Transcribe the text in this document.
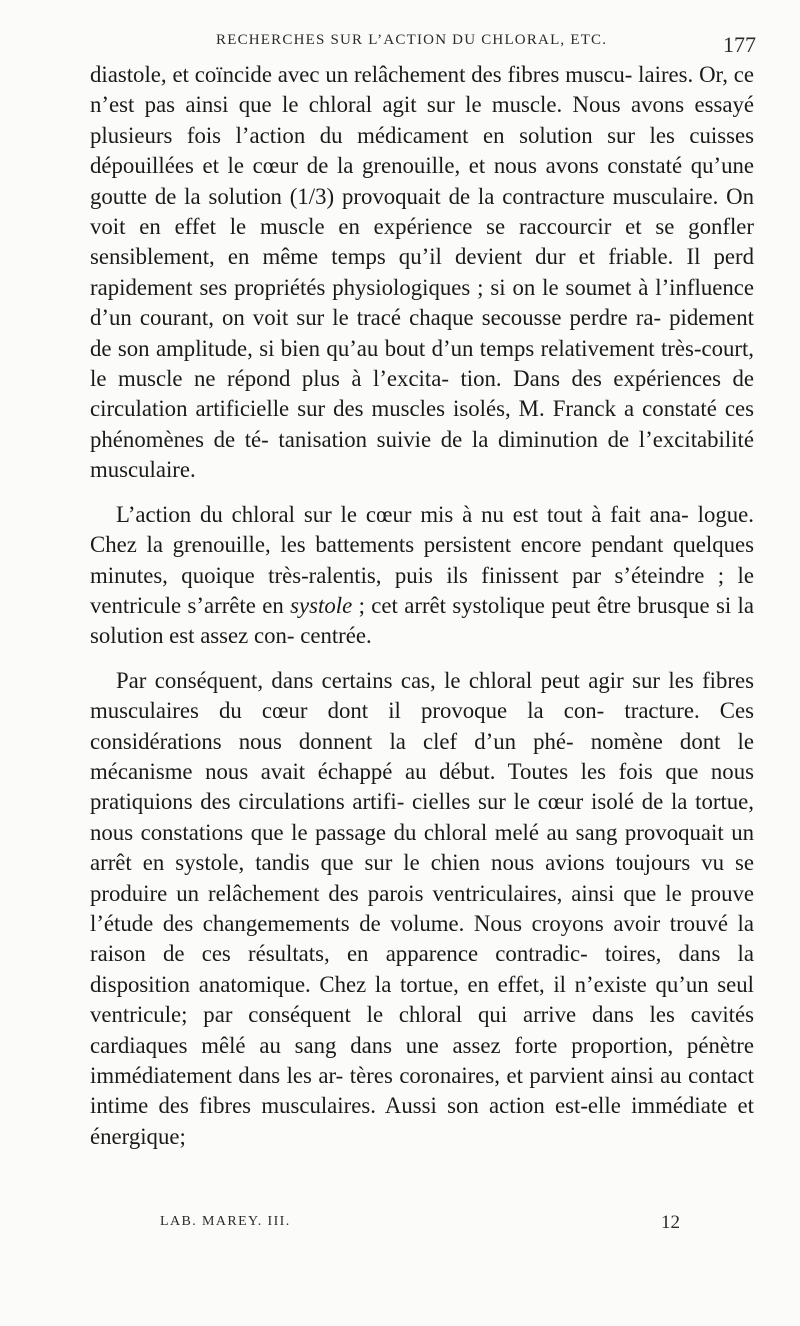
RECHERCHES SUR L’ACTION DU CHLORAL, ETC.	177

diastole, et coïncide avec un relâchement des fibres muscu- laires. Or, ce n’est pas ainsi que le chloral agit sur le muscle. Nous avons essayé plusieurs fois l’action du médicament en solution sur les cuisses dépouillées et le cœur de la grenouille, et nous avons constaté qu’une goutte de la solution (1/3) provoquait de la contracture musculaire. On voit en effet le muscle en expérience se raccourcir et se gonfler sensiblement, en même temps qu’il devient dur et friable. Il perd rapidement ses propriétés physiologiques ; si on le soumet à l’influence d’un courant, on voit sur le tracé chaque secousse perdre ra- pidement de son amplitude, si bien qu’au bout d’un temps relativement très-court, le muscle ne répond plus à l’excita- tion. Dans des expériences de circulation artificielle sur des muscles isolés, M. Franck a constaté ces phénomènes de té- tanisation suivie de la diminution de l’excitabilité musculaire.

L’action du chloral sur le cœur mis à nu est tout à fait ana- logue. Chez la grenouille, les battements persistent encore pendant quelques minutes, quoique très-ralentis, puis ils finissent par s’éteindre ; le ventricule s’arrête en systole ; cet arrêt systolique peut être brusque si la solution est assez con- centrée.

Par conséquent, dans certains cas, le chloral peut agir sur les fibres musculaires du cœur dont il provoque la con- tracture. Ces considérations nous donnent la clef d’un phé- nomène dont le mécanisme nous avait échappé au début. Toutes les fois que nous pratiquions des circulations artifi- cielles sur le cœur isolé de la tortue, nous constations que le passage du chloral melé au sang provoquait un arrêt en systole, tandis que sur le chien nous avions toujours vu se produire un relâchement des parois ventriculaires, ainsi que le prouve l’étude des changemements de volume. Nous croyons avoir trouvé la raison de ces résultats, en apparence contradic- toires, dans la disposition anatomique. Chez la tortue, en effet, il n’existe qu’un seul ventricule; par conséquent le chloral qui arrive dans les cavités cardiaques mêlé au sang dans une assez forte proportion, pénètre immédiatement dans les ar- tères coronaires, et parvient ainsi au contact intime des fibres musculaires. Aussi son action est-elle immédiate et énergique;

LAB. MAREY. III.	12
